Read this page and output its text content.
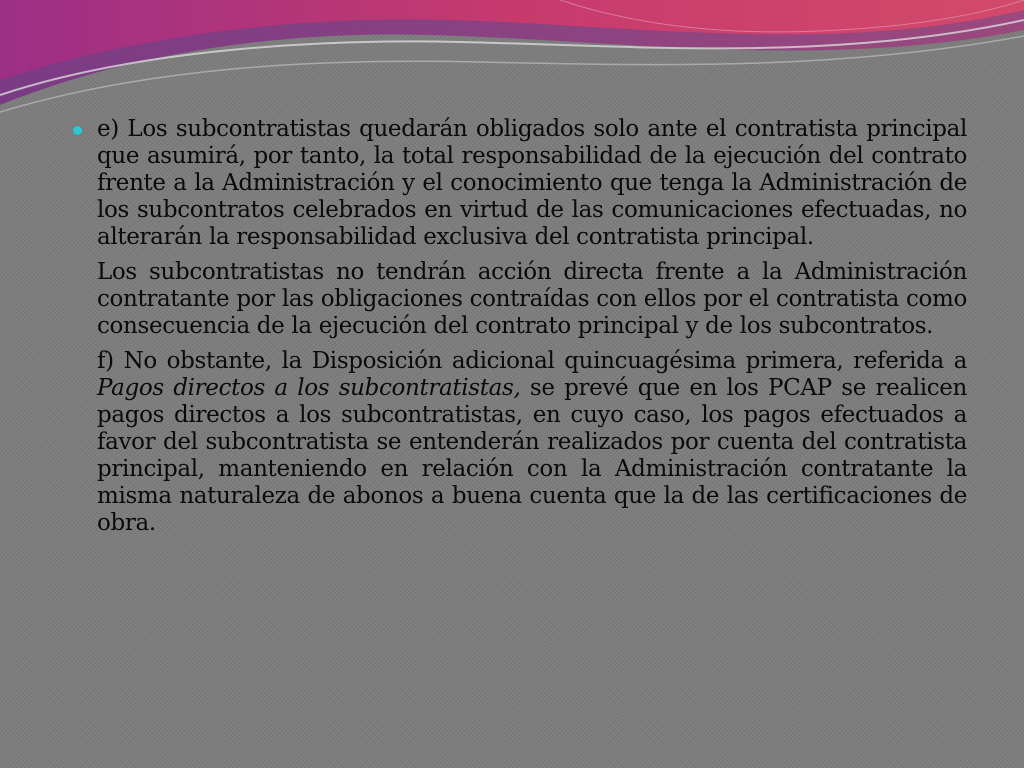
e) Los subcontratistas quedarán obligados solo ante el contratista principal que asumirá, por tanto, la total responsabilidad de la ejecución del contrato frente a la Administración y el conocimiento que tenga la Administración de los subcontratos celebrados en virtud de las comunicaciones efectuadas, no alterarán la responsabilidad exclusiva del contratista principal.

Los subcontratistas no tendrán acción directa frente a la Administración contratante por las obligaciones contraídas con ellos por el contratista como consecuencia de la ejecución del contrato principal y de los subcontratos.

f) No obstante, la Disposición adicional quincuagésima primera, referida a Pagos directos a los subcontratistas, se prevé que en los PCAP se realicen pagos directos a los subcontratistas, en cuyo caso, los pagos efectuados a favor del subcontratista se entenderán realizados por cuenta del contratista principal, manteniendo en relación con la Administración contratante la misma naturaleza de abonos a buena cuenta que la de las certificaciones de obra.
